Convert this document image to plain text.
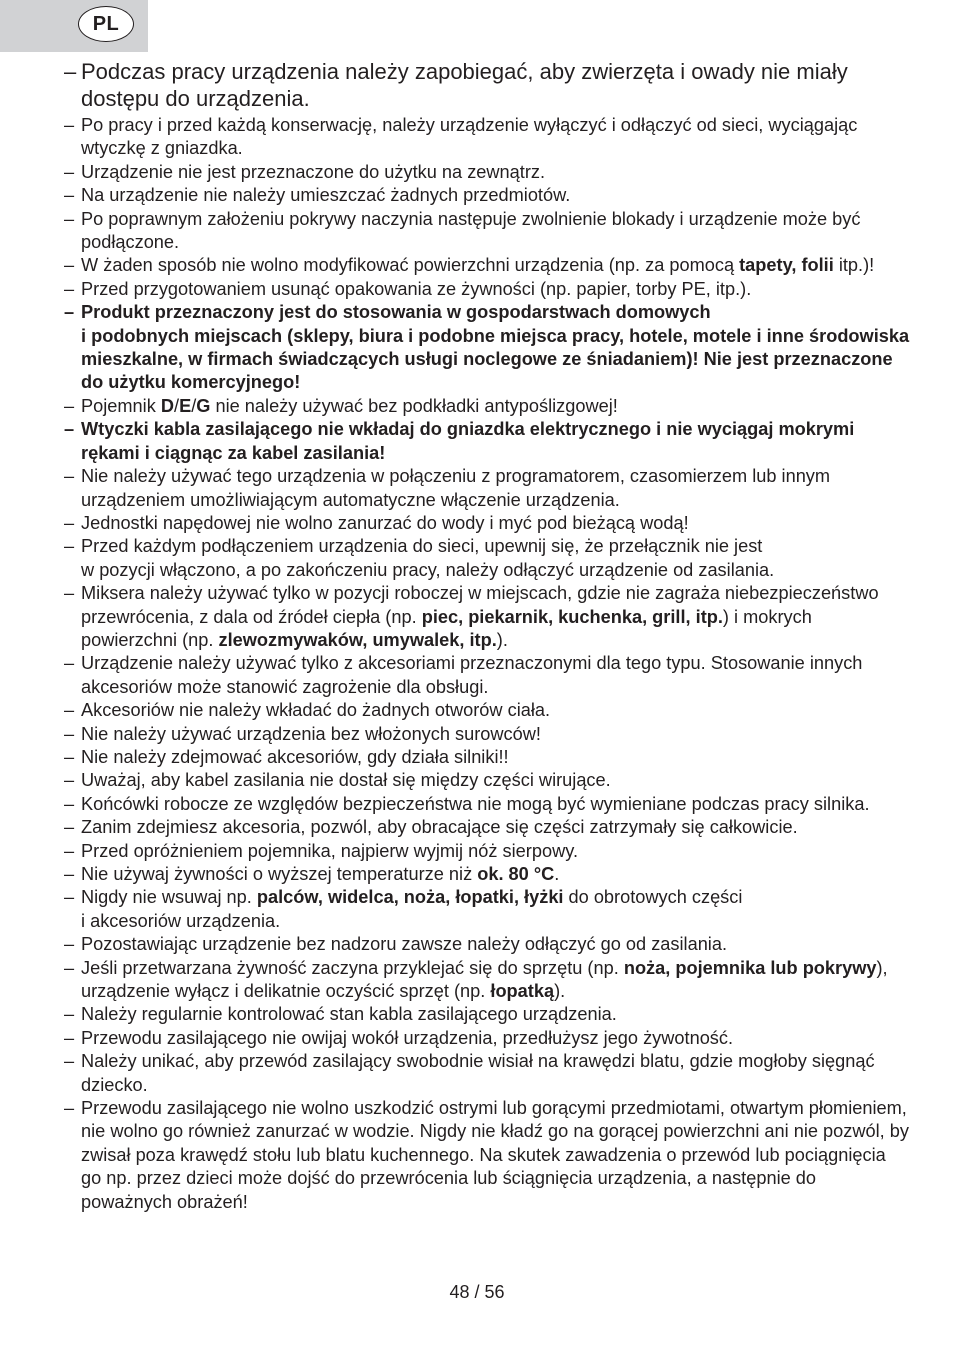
PL
– Podczas pracy urządzenia należy zapobiegać, aby zwierzęta i owady nie miały dostępu do urządzenia.
– Po pracy i przed każdą konserwację, należy urządzenie wyłączyć i odłączyć od sieci, wyciągając wtyczkę z gniazdka.
– Urządzenie nie jest przeznaczone do użytku na zewnątrz.
– Na urządzenie nie należy umieszczać żadnych przedmiotów.
– Po poprawnym założeniu pokrywy naczynia następuje zwolnienie blokady i urządzenie może być podłączone.
– W żaden sposób nie wolno modyfikować powierzchni urządzenia (np. za pomocą tapety, folii itp.)!
– Przed przygotowaniem usunąć opakowania ze żywności (np. papier, torby PE, itp.).
– Produkt przeznaczony jest do stosowania w gospodarstwach domowych
i podobnych miejscach (sklepy, biura i podobne miejsca pracy, hotele, motele i inne środowiska mieszkalne, w firmach świadczących usługi noclegowe ze śniadaniem)! Nie jest przeznaczone do użytku komercyjnego!
– Pojemnik D/E/G nie należy używać bez podkładki antypoślizgowej!
– Wtyczki kabla zasilającego nie wkładaj do gniazdka elektrycznego i nie wyciągaj mokrymi rękami i ciągnąc za kabel zasilania!
– Nie należy używać tego urządzenia w połączeniu z programatorem, czasomierzem lub innym urządzeniem umożliwiającym automatyczne włączenie urządzenia.
– Jednostki napędowej nie wolno zanurzać do wody i myć pod bieżącą wodą!
– Przed każdym podłączeniem urządzenia do sieci, upewnij się, że przełącznik nie jest
w pozycji włączono, a po zakończeniu pracy, należy odłączyć urządzenie od zasilania.
– Miksera należy używać tylko w pozycji roboczej w miejscach, gdzie nie zagraża niebezpieczeństwo przewrócenia, z dala od źródeł ciepła (np. piec, piekarnik, kuchenka, grill, itp.) i mokrych powierzchni (np. zlewozmywaków, umywalek, itp.).
– Urządzenie należy używać tylko z akcesoriami przeznaczonymi dla tego typu. Stosowanie innych akcesoriów może stanowić zagrożenie dla obsługi.
– Akcesoriów nie należy wkładać do żadnych otworów ciała.
– Nie należy używać urządzenia bez włożonych surowców!
– Nie należy zdejmować akcesoriów, gdy działa silniki!!
– Uważaj, aby kabel zasilania nie dostał się między części wirujące.
– Końcówki robocze ze względów bezpieczeństwa nie mogą być wymieniane podczas pracy silnika.
– Zanim zdejmiesz akcesoria, pozwól, aby obracające się części zatrzymały się całkowicie.
– Przed opróżnieniem pojemnika, najpierw wyjmij nóż sierpowy.
– Nie używaj żywności o wyższej temperaturze niż ok. 80 °C.
– Nigdy nie wsuwaj np. palców, widelca, noża, łopatki, łyżki do obrotowych części
i akcesoriów urządzenia.
– Pozostawiając urządzenie bez nadzoru zawsze należy odłączyć go od zasilania.
– Jeśli przetwarzana żywność zaczyna przyklejać się do sprzętu (np. noża, pojemnika lub pokrywy), urządzenie wyłącz i delikatnie oczyścić sprzęt (np. łopatką).
– Należy regularnie kontrolować stan kabla zasilającego urządzenia.
– Przewodu zasilającego nie owijaj wokół urządzenia, przedłużysz jego żywotność.
– Należy unikać, aby przewód zasilający swobodnie wisiał na krawędzi blatu, gdzie mogłoby sięgnąć dziecko.
– Przewodu zasilającego nie wolno uszkodzić ostrymi lub gorącymi przedmiotami, otwartym płomieniem, nie wolno go również zanurzać w wodzie. Nigdy nie kładź go na gorącej powierzchni ani nie pozwól, by zwisał poza krawędź stołu lub blatu kuchennego. Na skutek zawadzenia o przewód lub pociągnięcia go np. przez dzieci może dojść do przewrócenia lub ściągnięcia urządzenia, a następnie do poważnych obrażeń!
48 / 56
